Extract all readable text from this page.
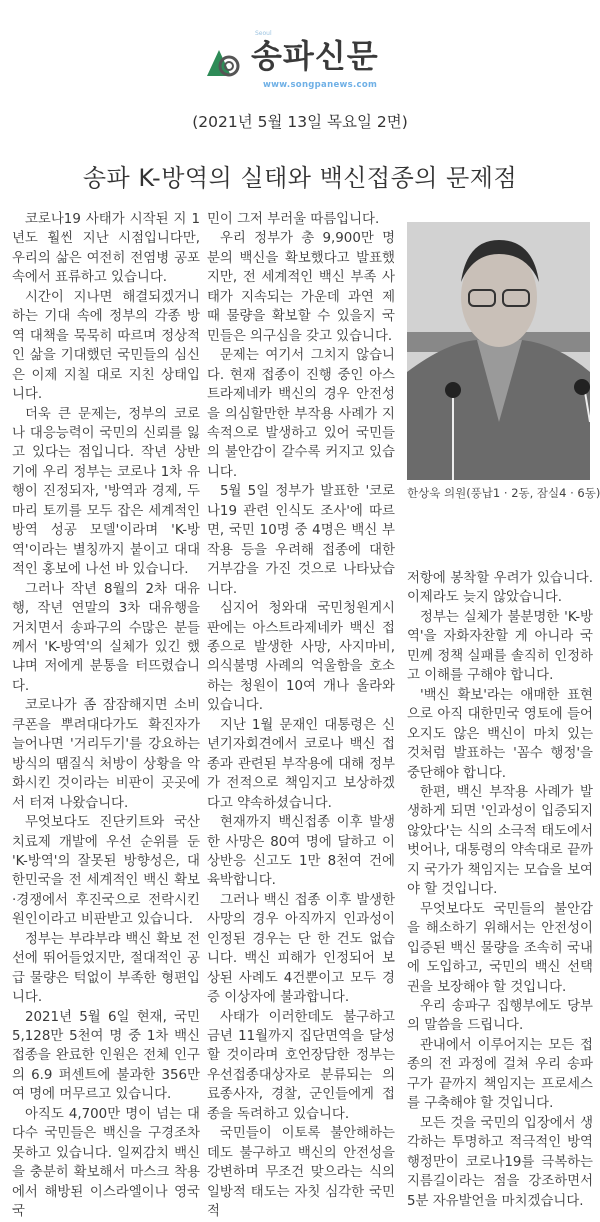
Seoul
송파신문
www.songpanews.com
(2021년 5월 13일 목요일 2면)
송파 K-방역의 실태와 백신접종의 문제점

코로나19 사태가 시작된 지 1년도 훨씬 지난 시점입니다만, 우리의 삶은 여전히 전염병 공포 속에서 표류하고 있습니다.

시간이 지나면 해결되겠거니 하는 기대 속에 정부의 각종 방역 대책을 묵묵히 따르며 정상적인 삶을 기대했던 국민들의 심신은 이제 지칠 대로 지친 상태입니다.

더욱 큰 문제는, 정부의 코로나 대응능력이 국민의 신뢰를 잃고 있다는 점입니다. 작년 상반기에 우리 정부는 코로나 1차 유행이 진정되자, '방역과 경제, 두 마리 토끼를 모두 잡은 세계적인 방역 성공 모델'이라며 'K-방역'이라는 별칭까지 붙이고 대대적인 홍보에 나선 바 있습니다.

그러나 작년 8월의 2차 대유행, 작년 연말의 3차 대유행을 거치면서 송파구의 수많은 분들께서 'K-방역'의 실체가 있긴 했냐며 저에게 분통을 터뜨렸습니다.

코로나가 좀 잠잠해지면 소비쿠폰을 뿌려대다가도 확진자가 늘어나면 '거리두기'를 강요하는 방식의 땜질식 처방이 상황을 악화시킨 것이라는 비판이 곳곳에서 터져 나왔습니다.

무엇보다도 진단키트와 국산 치료제 개발에 우선 순위를 둔 'K-방역'의 잘못된 방향성은, 대한민국을 전 세계적인 백신 확보·경쟁에서 후진국으로 전락시킨 원인이라고 비판받고 있습니다.

정부는 부랴부랴 백신 확보 전선에 뛰어들었지만, 절대적인 공급 물량은 턱없이 부족한 형편입니다.

2021년 5월 6일 현재, 국민 5,128만 5천여 명 중 1차 백신 접종을 완료한 인원은 전체 인구의 6.9 퍼센트에 불과한 356만여 명에 머무르고 있습니다.

아직도 4,700만 명이 넘는 대다수 국민들은 백신을 구경조차 못하고 있습니다. 일찌감치 백신을 충분히 확보해서 마스크 착용에서 해방된 이스라엘이나 영국 국

민이 그저 부러울 따름입니다.

우리 정부가 총 9,900만 명 분의 백신을 확보했다고 발표했지만, 전 세계적인 백신 부족 사태가 지속되는 가운데 과연 제 때 물량을 확보할 수 있을지 국민들은 의구심을 갖고 있습니다.

문제는 여기서 그치지 않습니다. 현재 접종이 진행 중인 아스트라제네카 백신의 경우 안전성을 의심할만한 부작용 사례가 지속적으로 발생하고 있어 국민들의 불안감이 갈수록 커지고 있습니다.

5월 5일 정부가 발표한 '코로나19 관련 인식도 조사'에 따르면, 국민 10명 중 4명은 백신 부작용 등을 우려해 접종에 대한 거부감을 가진 것으로 나타났습니다.

심지어 청와대 국민청원게시판에는 아스트라제네카 백신 접종으로 발생한 사망, 사지마비, 의식불명 사례의 억울함을 호소하는 청원이 10여 개나 올라와 있습니다.

지난 1월 문재인 대통령은 신년기자회견에서 코로나 백신 접종과 관련된 부작용에 대해 정부가 전적으로 책임지고 보상하겠다고 약속하셨습니다.

현재까지 백신접종 이후 발생한 사망은 80여 명에 달하고 이상반응 신고도 1만 8천여 건에 육박합니다.

그러나 백신 접종 이후 발생한 사망의 경우 아직까지 인과성이 인정된 경우는 단 한 건도 없습니다. 백신 피해가 인정되어 보상된 사례도 4건뿐이고 모두 경증 이상자에 불과합니다.

사태가 이러한데도 불구하고 금년 11월까지 집단면역을 달성할 것이라며 호언장담한 정부는 우선접종대상자로 분류되는 의료종사자, 경찰, 군인들에게 접종을 독려하고 있습니다.

국민들이 이토록 불안해하는데도 불구하고 백신의 안전성을 강변하며 무조건 맞으라는 식의 일방적 태도는 자칫 심각한 국민적

한상욱 의원(풍납1 · 2동, 잠실4 · 6동)

저항에 봉착할 우려가 있습니다. 이제라도 늦지 않았습니다.

정부는 실체가 불분명한 'K-방역'을 자화자찬할 게 아니라 국민께 정책 실패를 솔직히 인정하고 이해를 구해야 합니다.

'백신 확보'라는 애매한 표현으로 아직 대한민국 영토에 들어오지도 않은 백신이 마치 있는 것처럼 발표하는 '꼼수 행정'을 중단해야 합니다.

한편, 백신 부작용 사례가 발생하게 되면 '인과성이 입증되지 않았다'는 식의 소극적 태도에서 벗어나, 대통령의 약속대로 끝까지 국가가 책임지는 모습을 보여야 할 것입니다.

무엇보다도 국민들의 불안감을 해소하기 위해서는 안전성이 입증된 백신 물량을 조속히 국내에 도입하고, 국민의 백신 선택권을 보장해야 할 것입니다.

우리 송파구 집행부에도 당부의 말씀을 드립니다.

관내에서 이루어지는 모든 접종의 전 과정에 걸쳐 우리 송파구가 끝까지 책임지는 프로세스를 구축해야 할 것입니다.

모든 것을 국민의 입장에서 생각하는 투명하고 적극적인 방역 행정만이 코로나19를 극복하는 지름길이라는 점을 강조하면서 5분 자유발언을 마치겠습니다.
